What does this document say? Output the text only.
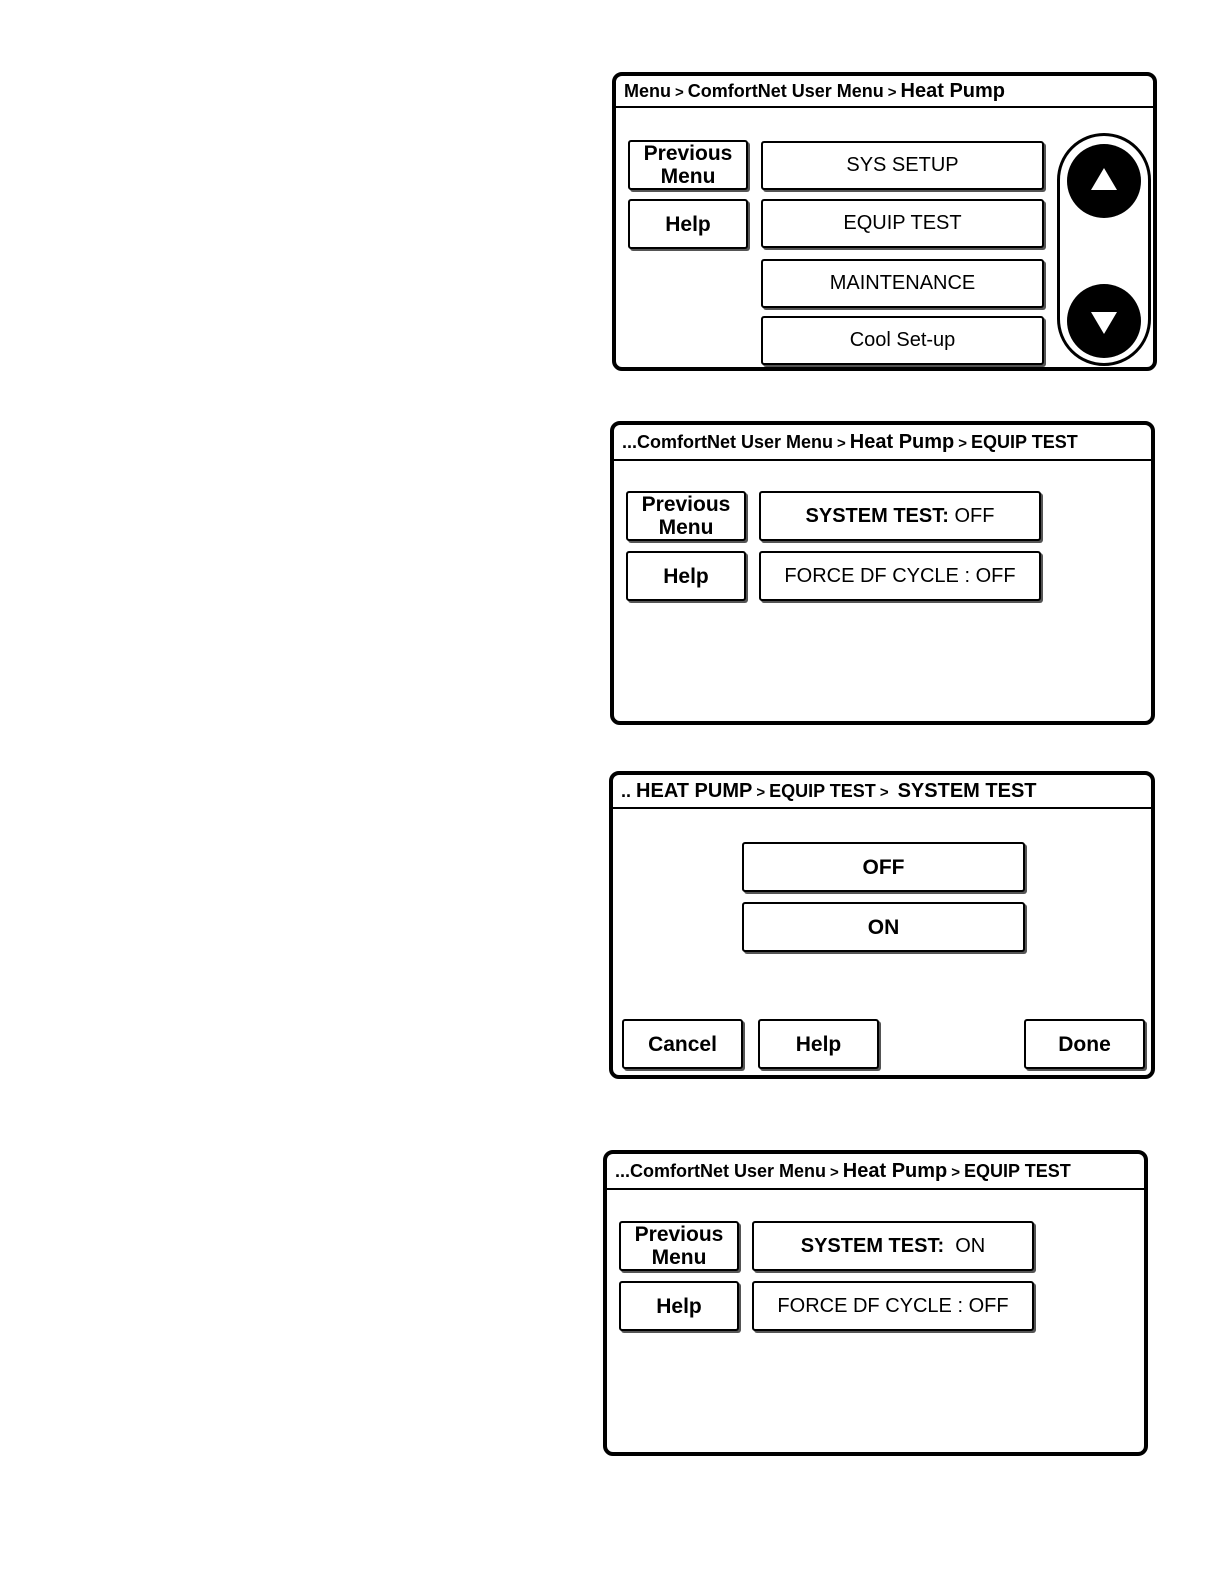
Menu > ComfortNet User Menu > Heat Pump
Previous
Menu
Help
SYS SETUP
EQUIP TEST
MAINTENANCE
Cool Set-up
...ComfortNet User Menu > Heat Pump > EQUIP TEST
Previous
Menu
Help
SYSTEM TEST: OFF
FORCE DF CYCLE : OFF
.. HEAT PUMP > EQUIP TEST > SYSTEM TEST
OFF
ON
Cancel	Help	Done
...ComfortNet User Menu > Heat Pump > EQUIP TEST
Previous
Menu
Help
SYSTEM TEST: ON
FORCE DF CYCLE : OFF
